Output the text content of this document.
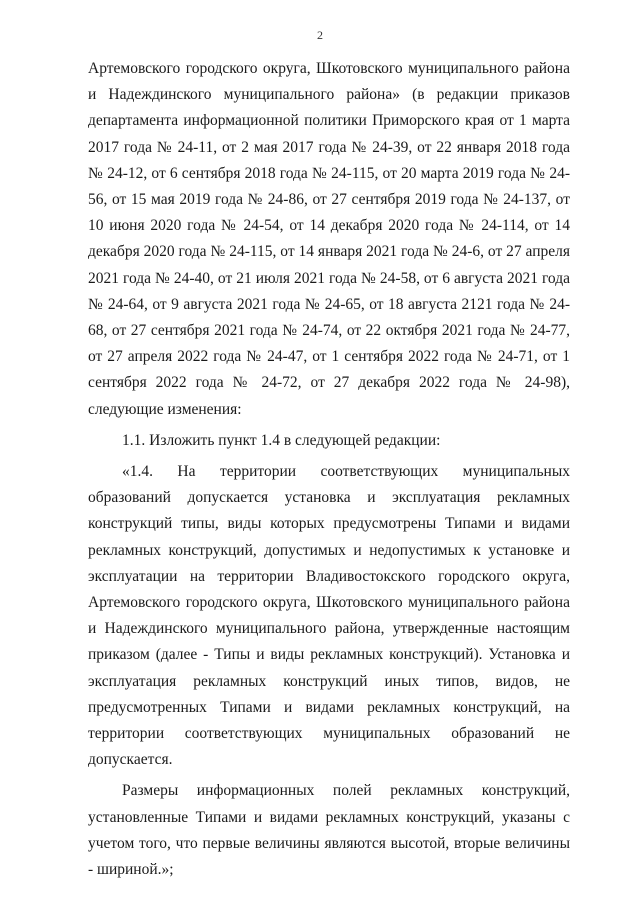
2

Артемовского городского округа, Шкотовского муниципального района и Надеждинского муниципального района» (в редакции приказов департамента информационной политики Приморского края от 1 марта 2017 года № 24-11, от 2 мая 2017 года № 24-39, от 22 января 2018 года № 24-12, от 6 сентября 2018 года № 24-115, от 20 марта 2019 года № 24-56, от 15 мая 2019 года № 24-86, от 27 сентября 2019 года № 24-137, от 10 июня 2020 года № 24-54, от 14 декабря 2020 года № 24-114, от 14 декабря 2020 года № 24-115, от 14 января 2021 года № 24-6, от 27 апреля 2021 года № 24-40, от 21 июля 2021 года № 24-58, от 6 августа 2021 года № 24-64, от 9 августа 2021 года № 24-65, от 18 августа 2121 года № 24-68, от 27 сентября 2021 года № 24-74, от 22 октября 2021 года № 24-77, от 27 апреля 2022 года № 24-47, от 1 сентября 2022 года № 24-71, от 1 сентября 2022 года № 24-72, от 27 декабря 2022 года № 24-98), следующие изменения:

1.1. Изложить пункт 1.4 в следующей редакции:

«1.4. На территории соответствующих муниципальных образований допускается установка и эксплуатация рекламных конструкций типы, виды которых предусмотрены Типами и видами рекламных конструкций, допустимых и недопустимых к установке и эксплуатации на территории Владивостокского городского округа, Артемовского городского округа, Шкотовского муниципального района и Надеждинского муниципального района, утвержденные настоящим приказом (далее - Типы и виды рекламных конструкций). Установка и эксплуатация рекламных конструкций иных типов, видов, не предусмотренных Типами и видами рекламных конструкций, на территории соответствующих муниципальных образований не допускается.

Размеры информационных полей рекламных конструкций, установленные Типами и видами рекламных конструкций, указаны с учетом того, что первые величины являются высотой, вторые величины - шириной.»;
